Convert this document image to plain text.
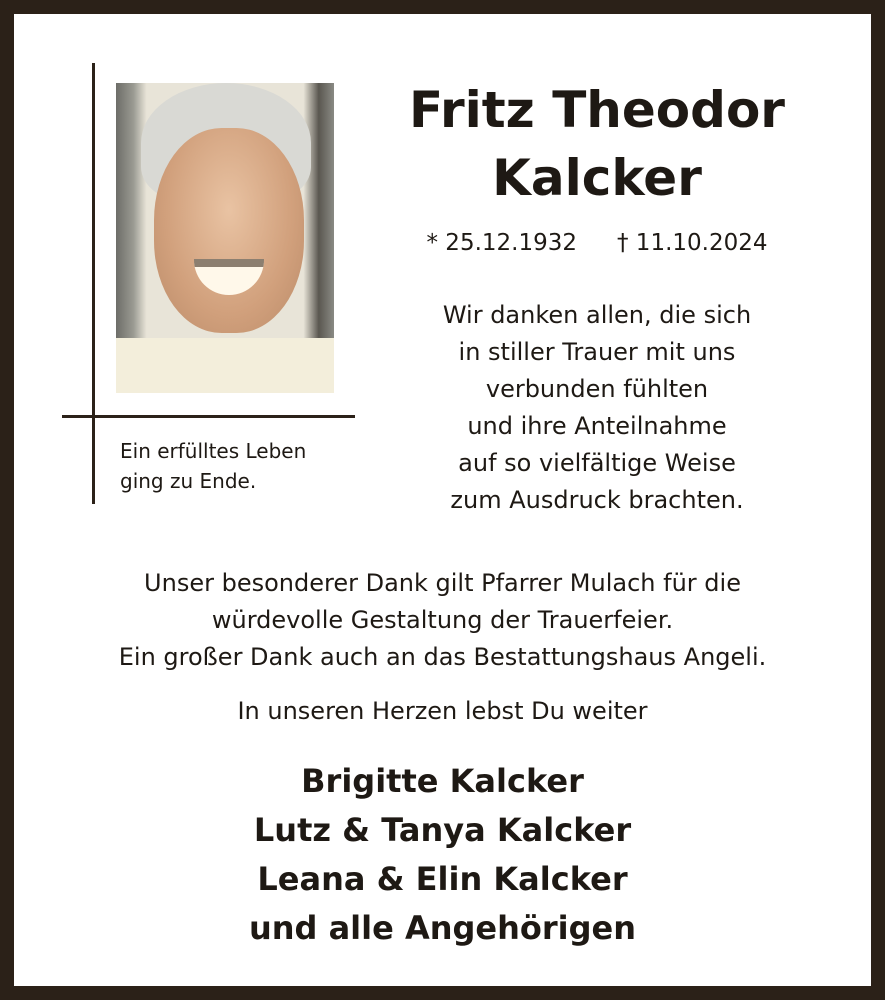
Ein erfülltes Leben
ging zu Ende.
Fritz Theodor
Kalcker
* 25.12.1932 † 11.10.2024
Wir danken allen, die sich
in stiller Trauer mit uns
verbunden fühlten
und ihre Anteilnahme
auf so vielfältige Weise
zum Ausdruck brachten.
Unser besonderer Dank gilt Pfarrer Mulach für die
würdevolle Gestaltung der Trauerfeier.
Ein großer Dank auch an das Bestattungshaus Angeli.
In unseren Herzen lebst Du weiter
Brigitte Kalcker
Lutz & Tanya Kalcker
Leana & Elin Kalcker
und alle Angehörigen
